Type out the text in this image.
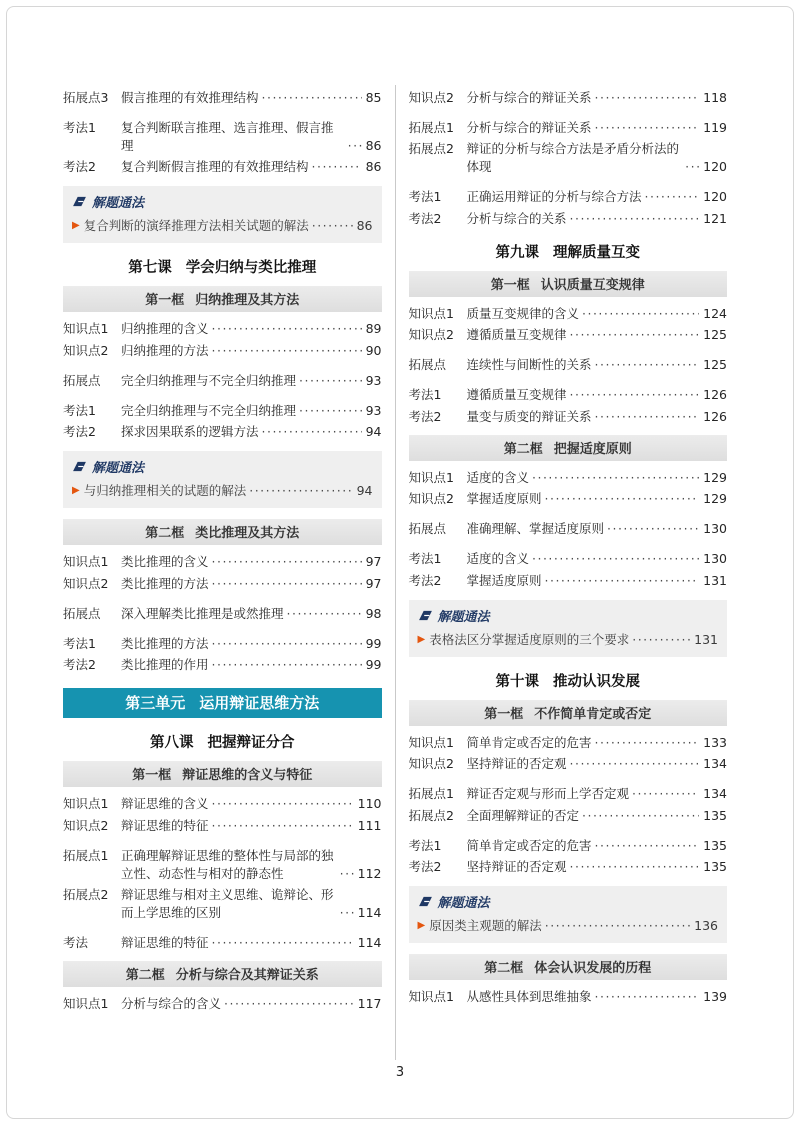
拓展点3	假言推理的有效推理结构 ·····	85
考法1	复合判断联言推理、选言推理、假言推理 ·····	86
考法2	复合判断假言推理的有效推理结构 ·····	86
解题通法
▶ 复合判断的演绎推理方法相关试题的解法 ·····	86
第七课 学会归纳与类比推理
第一框 归纳推理及其方法
知识点1	归纳推理的含义 ·····	89
知识点2	归纳推理的方法 ·····	90
拓展点	完全归纳推理与不完全归纳推理 ·····	93
考法1	完全归纳推理与不完全归纳推理 ·····	93
考法2	探求因果联系的逻辑方法 ·····	94
解题通法
▶ 与归纳推理相关的试题的解法 ·····	94
第二框 类比推理及其方法
知识点1	类比推理的含义 ·····	97
知识点2	类比推理的方法 ·····	97
拓展点	深入理解类比推理是或然推理 ·····	98
考法1	类比推理的方法 ·····	99
考法2	类比推理的作用 ·····	99
第三单元 运用辩证思维方法
第八课 把握辩证分合
第一框 辩证思维的含义与特征
知识点1	辩证思维的含义 ·····	110
知识点2	辩证思维的特征 ·····	111
拓展点1	正确理解辩证思维的整体性与局部的独立性、动态性与相对的静态性 ·····	112
拓展点2	辩证思维与相对主义思维、诡辩论、形而上学思维的区别 ·····	114
考法	辩证思维的特征 ·····	114
第二框 分析与综合及其辩证关系
知识点1	分析与综合的含义 ·····	117
知识点2	分析与综合的辩证关系 ·····	118
拓展点1	分析与综合的辩证关系 ·····	119
拓展点2	辩证的分析与综合方法是矛盾分析法的体现 ·····	120
考法1	正确运用辩证的分析与综合方法 ·····	120
考法2	分析与综合的关系 ·····	121
第九课 理解质量互变
第一框 认识质量互变规律
知识点1	质量互变规律的含义 ·····	124
知识点2	遵循质量互变规律 ·····	125
拓展点	连续性与间断性的关系 ·····	125
考法1	遵循质量互变规律 ·····	126
考法2	量变与质变的辩证关系 ·····	126
第二框 把握适度原则
知识点1	适度的含义 ·····	129
知识点2	掌握适度原则 ·····	129
拓展点	准确理解、掌握适度原则 ·····	130
考法1	适度的含义 ·····	130
考法2	掌握适度原则 ·····	131
解题通法
▶ 表格法区分掌握适度原则的三个要求 ·····	131
第十课 推动认识发展
第一框 不作简单肯定或否定
知识点1	简单肯定或否定的危害 ·····	133
知识点2	坚持辩证的否定观 ·····	134
拓展点1	辩证否定观与形而上学否定观 ·····	134
拓展点2	全面理解辩证的否定 ·····	135
考法1	简单肯定或否定的危害 ·····	135
考法2	坚持辩证的否定观 ·····	135
解题通法
▶ 原因类主观题的解法 ·····	136
第二框 体会认识发展的历程
知识点1	从感性具体到思维抽象 ·····	139
3
